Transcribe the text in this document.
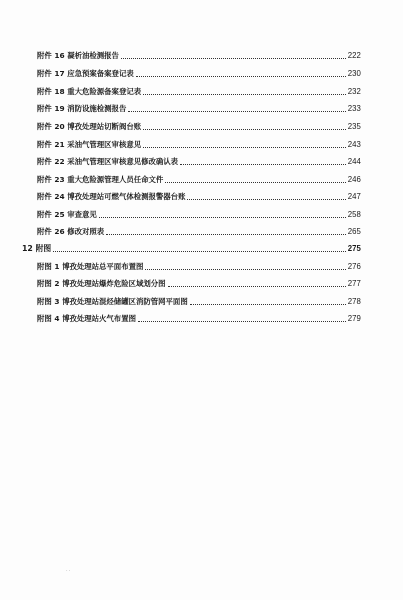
附件 16 凝析油检测报告	222
附件 17 应急预案备案登记表	230
附件 18 重大危险源备案登记表	232
附件 19 消防设施检测报告	233
附件 20 博孜处理站切断阀台账	235
附件 21 采油气管理区审核意见	243
附件 22 采油气管理区审核意见修改确认表	244
附件 23 重大危险源管理人员任命文件	246
附件 24 博孜处理站可燃气体检测报警器台账	247
附件 25 审查意见	258
附件 26 修改对照表	265
12 附图	275
附图 1 博孜处理站总平面布置图	276
附图 2 博孜处理站爆炸危险区域划分图	277
附图 3 博孜处理站混烃储罐区消防管网平面图	278
附图 4 博孜处理站火气布置图	279
··
